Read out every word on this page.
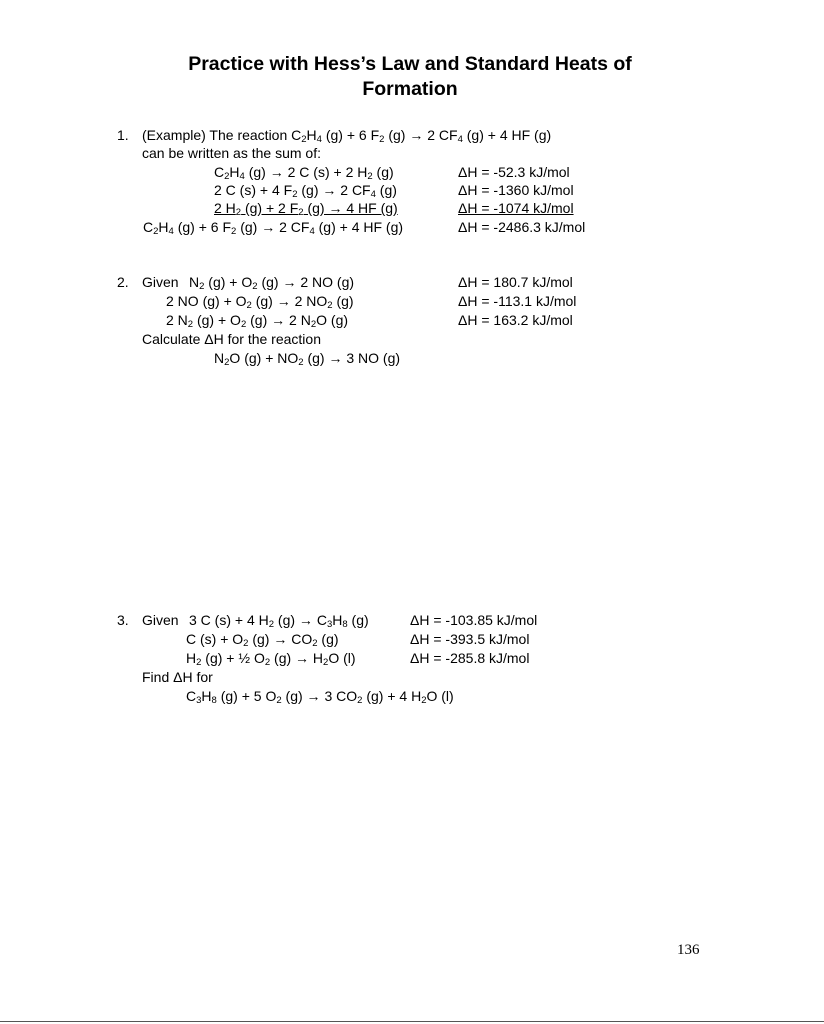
Practice with Hess’s Law and Standard Heats of
Formation
1. (Example) The reaction $C_2H_4$ (g) + 6 $F_2$ (g) → 2 $CF_4$ (g) + 4 HF (g)
can be written as the sum of:
$C_2H_4$ (g) → 2 C (s) + 2 $H_2$ (g)	ΔH = -52.3 kJ/mol
2 C (s) + 4 $F_2$ (g) → 2 $CF_4$ (g)	ΔH = -1360 kJ/mol
2 $H_2$ (g) + 2 $F_2$ (g) → 4 HF (g)	ΔH = -1074 kJ/mol
$C_2H_4$ (g) + 6 $F_2$ (g) → 2 $CF_4$ (g) + 4 HF (g)	ΔH = -2486.3 kJ/mol
2. Given $N_2$ $(g) + O_2$ (g) → 2 NO (g)	ΔH = 180.7 kJ/mol
2 NO $(g) + O_2$ (g) → 2 $NO_2$ (g)	ΔH = -113.1 kJ/mol
2 $N_2$ $(g) + O_2$ (g) → 2 $N_2O$ (g)	ΔH = 163.2 kJ/mol
Calculate ΔH for the reaction
$N_2O$ $(g) + NO_2$ (g) → 3 NO (g)
3. Given 3 C (s) + 4 $H_2$ $(g) \to C_3H_8$ (g)	ΔH = -103.85 kJ/mol
C $(s) + O_2$ $(g) \to CO_2$ (g)	ΔH = -393.5 kJ/mol
$H_2$ (g) + ½ $O_2$ $(g) \to H_2O$ (l)	ΔH = -285.8 kJ/mol
Find ΔH for
$C_3H_8$ (g) + 5 $O_2$ (g) → 3 $CO_2$ (g) + 4 $H_2O$ (l)
136
